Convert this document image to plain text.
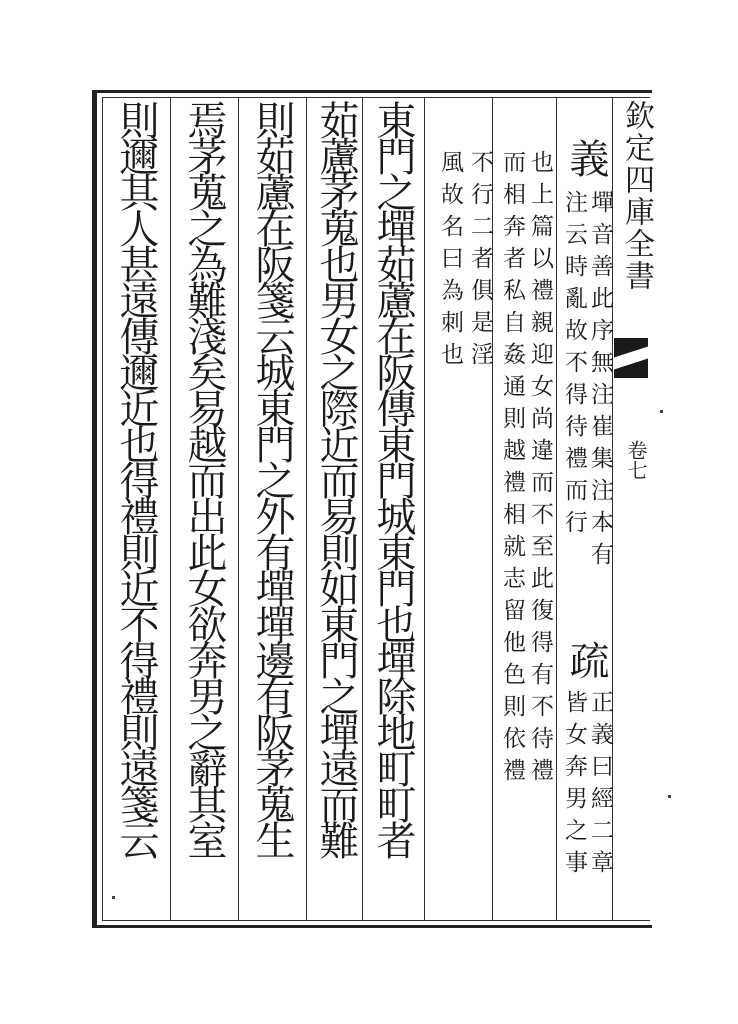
欽定四庫全書
卷七
義
墠音善此序無注崔集注本有
注云時亂故不得待禮而行
疏
正義曰經二章
皆女奔男之事
也上篇以禮親迎女尚違而不至此復得有不待禮
而相奔者私自姦通則越禮相就志留他色則依禮
不行二者俱是淫
風故名曰為刺也
東門之墠茹藘在阪傳東門城東門也墠除地町町者
茹藘茅蒐也男女之際近而易則如東門之墠遠而難
則茹藘在阪箋云城東門之外有墠墠邊有阪茅蒐生
焉茅蒐之為難淺矣易越而出此女欲奔男之辭其室
則邇其人甚遠傳邇近也得禮則近不得禮則遠箋云
